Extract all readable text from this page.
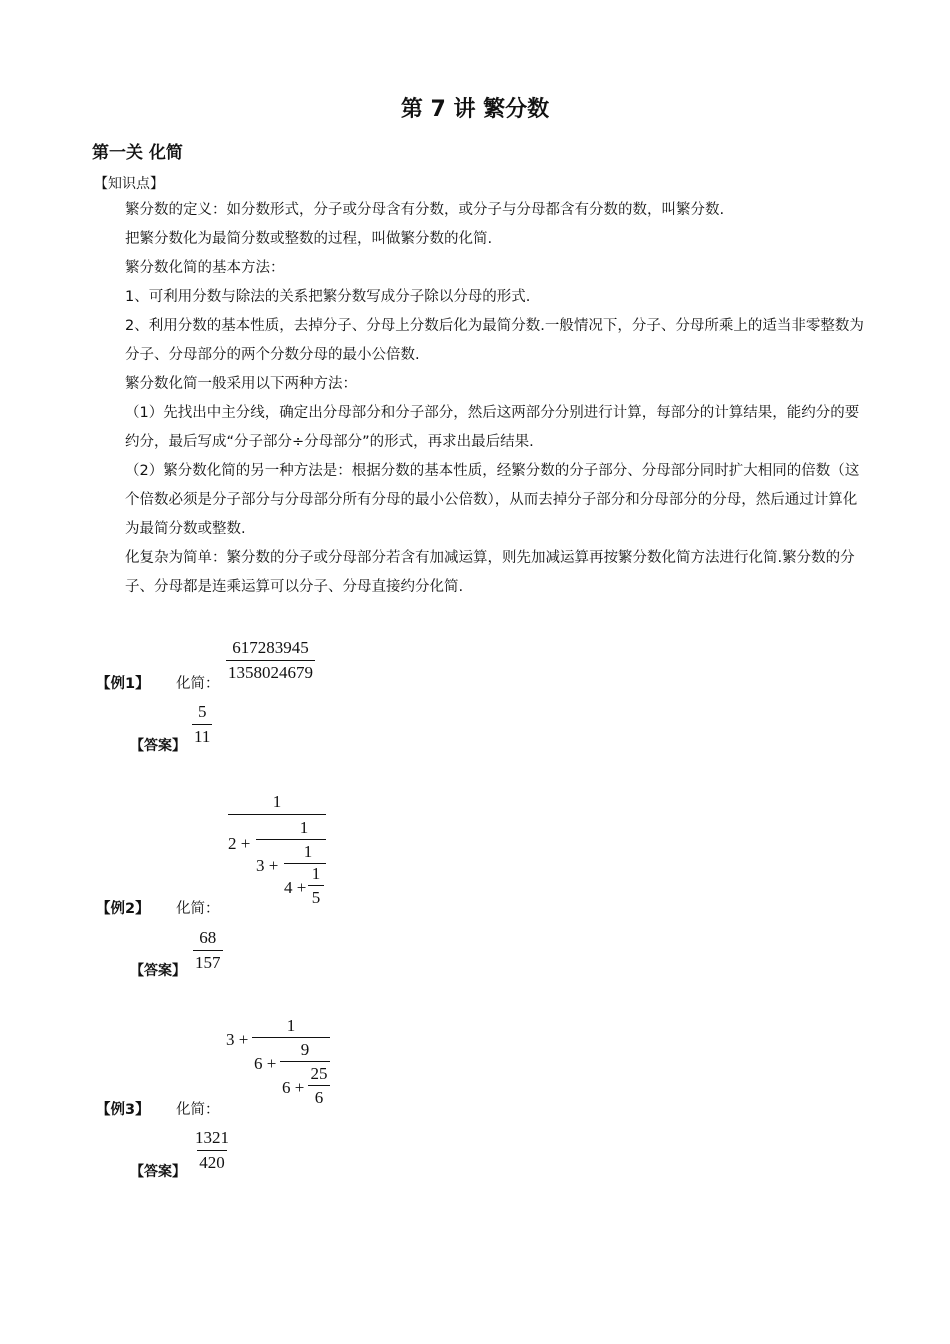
第 7 讲 繁分数
第一关 化简
【知识点】

繁分数的定义：如分数形式，分子或分母含有分数，或分子与分母都含有分数的数，叫繁分数.

把繁分数化为最简分数或整数的过程，叫做繁分数的化简.

繁分数化简的基本方法：

1、可利用分数与除法的关系把繁分数写成分子除以分母的形式.

2、利用分数的基本性质，去掉分子、分母上分数后化为最简分数.一般情况下，分子、分母所乘上的适当非零整数为分子、分母部分的两个分数分母的最小公倍数.

繁分数化简一般采用以下两种方法：

（1）先找出中主分线，确定出分母部分和分子部分，然后这两部分分别进行计算，每部分的计算结果，能约分的要约分，最后写成“分子部分÷分母部分”的形式，再求出最后结果.

（2）繁分数化简的另一种方法是：根据分数的基本性质，经繁分数的分子部分、分母部分同时扩大相同的倍数（这个倍数必须是分子部分与分母部分所有分母的最小公倍数），从而去掉分子部分和分母部分的分母，然后通过计算化为最简分数或整数.

化复杂为简单：繁分数的分子或分母部分若含有加减运算，则先加减运算再按繁分数化简方法进行化简.繁分数的分子、分母都是连乘运算可以分子、分母直接约分化简.

【例1】 化简：
$\frac{617283945}{1358024679}$
【答案】 $\frac{5}{11}$
1
2 +
1
3 +
1
4 +
1
5
【例2】 化简：
【答案】 $\frac{68}{157}$
3 +
1
6 +
9
6 +
25
6
【例3】 化简：
【答案】 $\frac{1321}{420}$
